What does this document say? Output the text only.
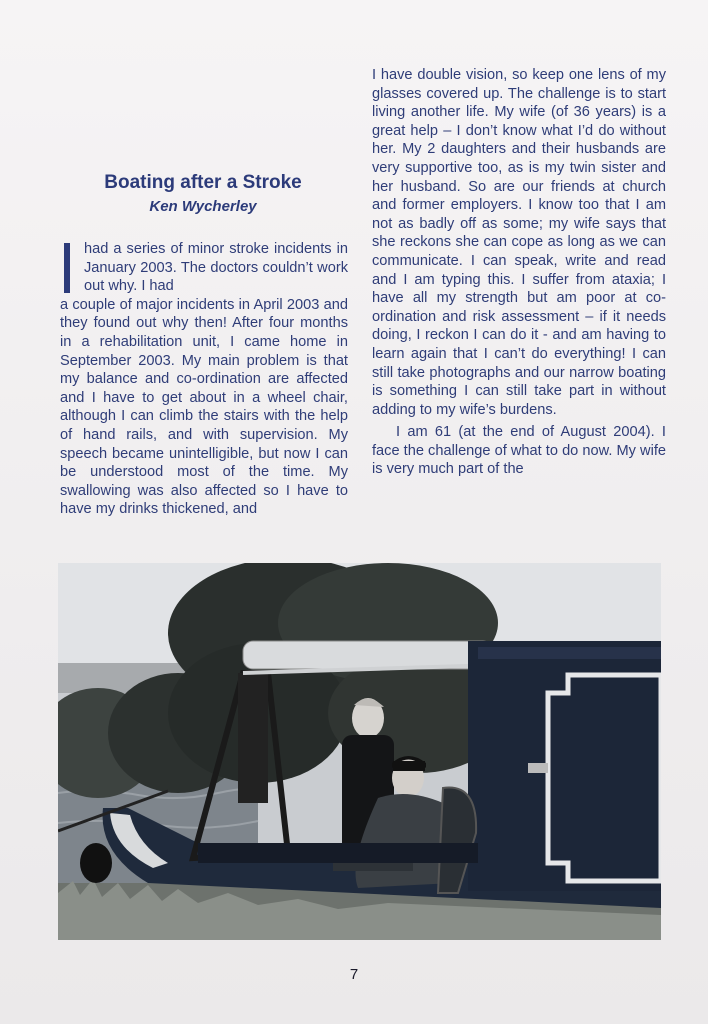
Boating after a Stroke
Ken Wycherley

had a series of minor stroke incidents in January 2003. The doctors couldn’t work out why. I had

a couple of major incidents in April 2003 and they found out why then! After four months in a rehabilitation unit, I came home in September 2003. My main problem is that my balance and co-ordination are affected and I have to get about in a wheel chair, although I can climb the stairs with the help of hand rails, and with supervision. My speech became unintelligible, but now I can be understood most of the time. My swallowing was also affected so I have to have my drinks thickened, and

I have double vision, so keep one lens of my glasses covered up. The challenge is to start living another life. My wife (of 36 years) is a great help – I don’t know what I’d do without her. My 2 daughters and their husbands are very supportive too, as is my twin sister and her husband. So are our friends at church and former employers. I know too that I am not as badly off as some; my wife says that she reckons she can cope as long as we can communicate. I can speak, write and read and I am typing this. I suffer from ataxia; I have all my strength but am poor at co-ordination and risk assessment – if it needs doing, I reckon I can do it - and am having to learn again that I can’t do everything! I can still take photographs and our narrow boating is something I can still take part in without adding to my wife’s burdens.

I am 61 (at the end of August 2004). I face the challenge of what to do now. My wife is very much part of the

7
